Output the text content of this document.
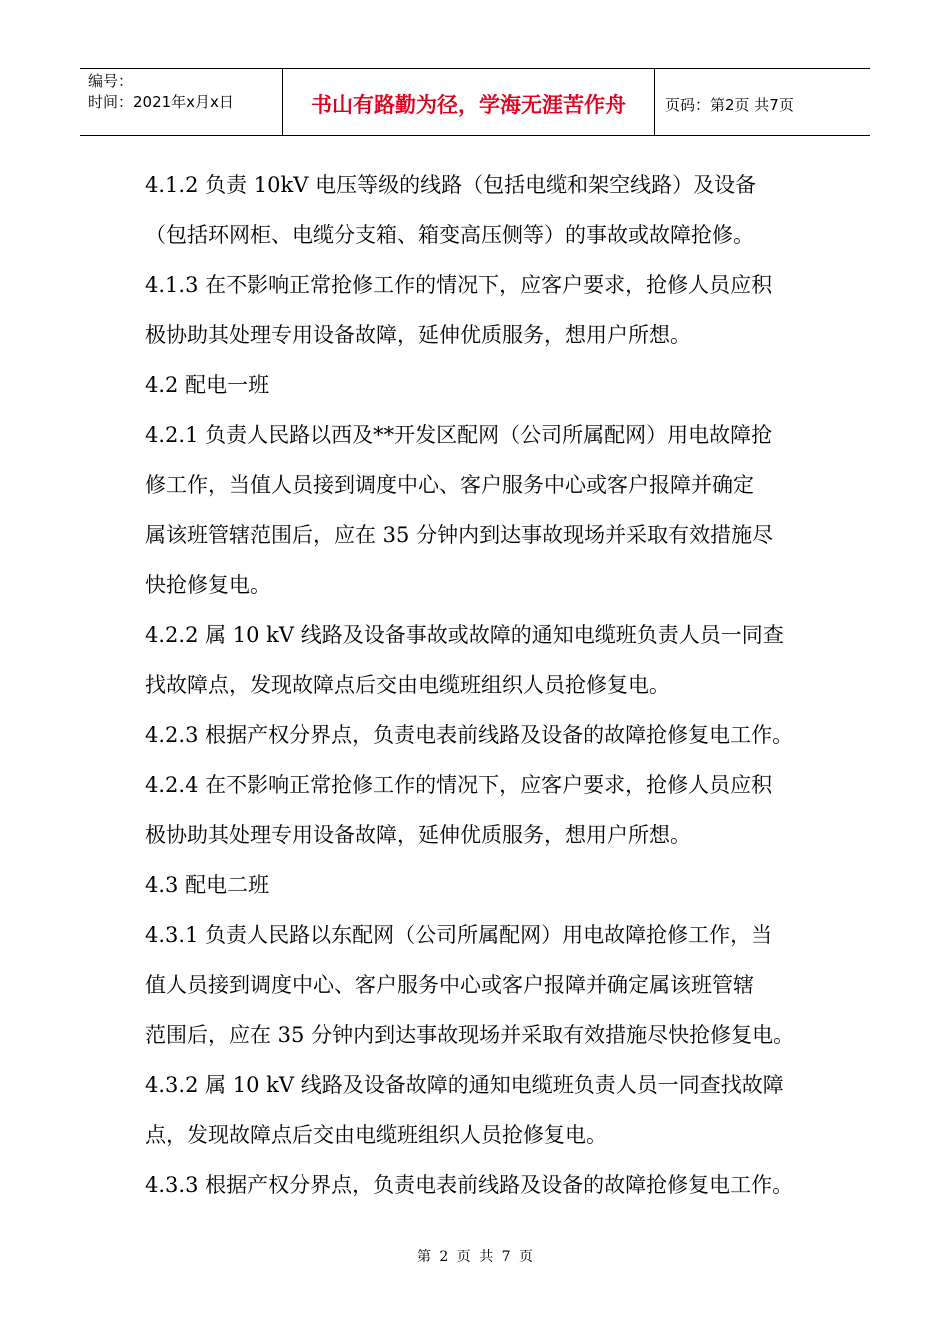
编号：
时间：2021年x月x日	书山有路勤为径，学海无涯苦作舟	页码：第2页 共7页
4.1.2 负责 10kV 电压等级的线路（包括电缆和架空线路）及设备
（包括环网柜、电缆分支箱、箱变高压侧等）的事故或故障抢修。
4.1.3 在不影响正常抢修工作的情况下，应客户要求，抢修人员应积
极协助其处理专用设备故障，延伸优质服务，想用户所想。
4.2 配电一班
4.2.1 负责人民路以西及**开发区配网（公司所属配网）用电故障抢
修工作，当值人员接到调度中心、客户服务中心或客户报障并确定
属该班管辖范围后，应在 35 分钟内到达事故现场并采取有效措施尽
快抢修复电。
4.2.2 属 10 kV 线路及设备事故或故障的通知电缆班负责人员一同查
找故障点，发现故障点后交由电缆班组织人员抢修复电。
4.2.3 根据产权分界点，负责电表前线路及设备的故障抢修复电工作。
4.2.4 在不影响正常抢修工作的情况下，应客户要求，抢修人员应积
极协助其处理专用设备故障，延伸优质服务，想用户所想。
4.3 配电二班
4.3.1 负责人民路以东配网（公司所属配网）用电故障抢修工作，当
值人员接到调度中心、客户服务中心或客户报障并确定属该班管辖
范围后，应在 35 分钟内到达事故现场并采取有效措施尽快抢修复电。
4.3.2 属 10 kV 线路及设备故障的通知电缆班负责人员一同查找故障
点，发现故障点后交由电缆班组织人员抢修复电。
4.3.3 根据产权分界点，负责电表前线路及设备的故障抢修复电工作。
第 2 页 共 7 页
